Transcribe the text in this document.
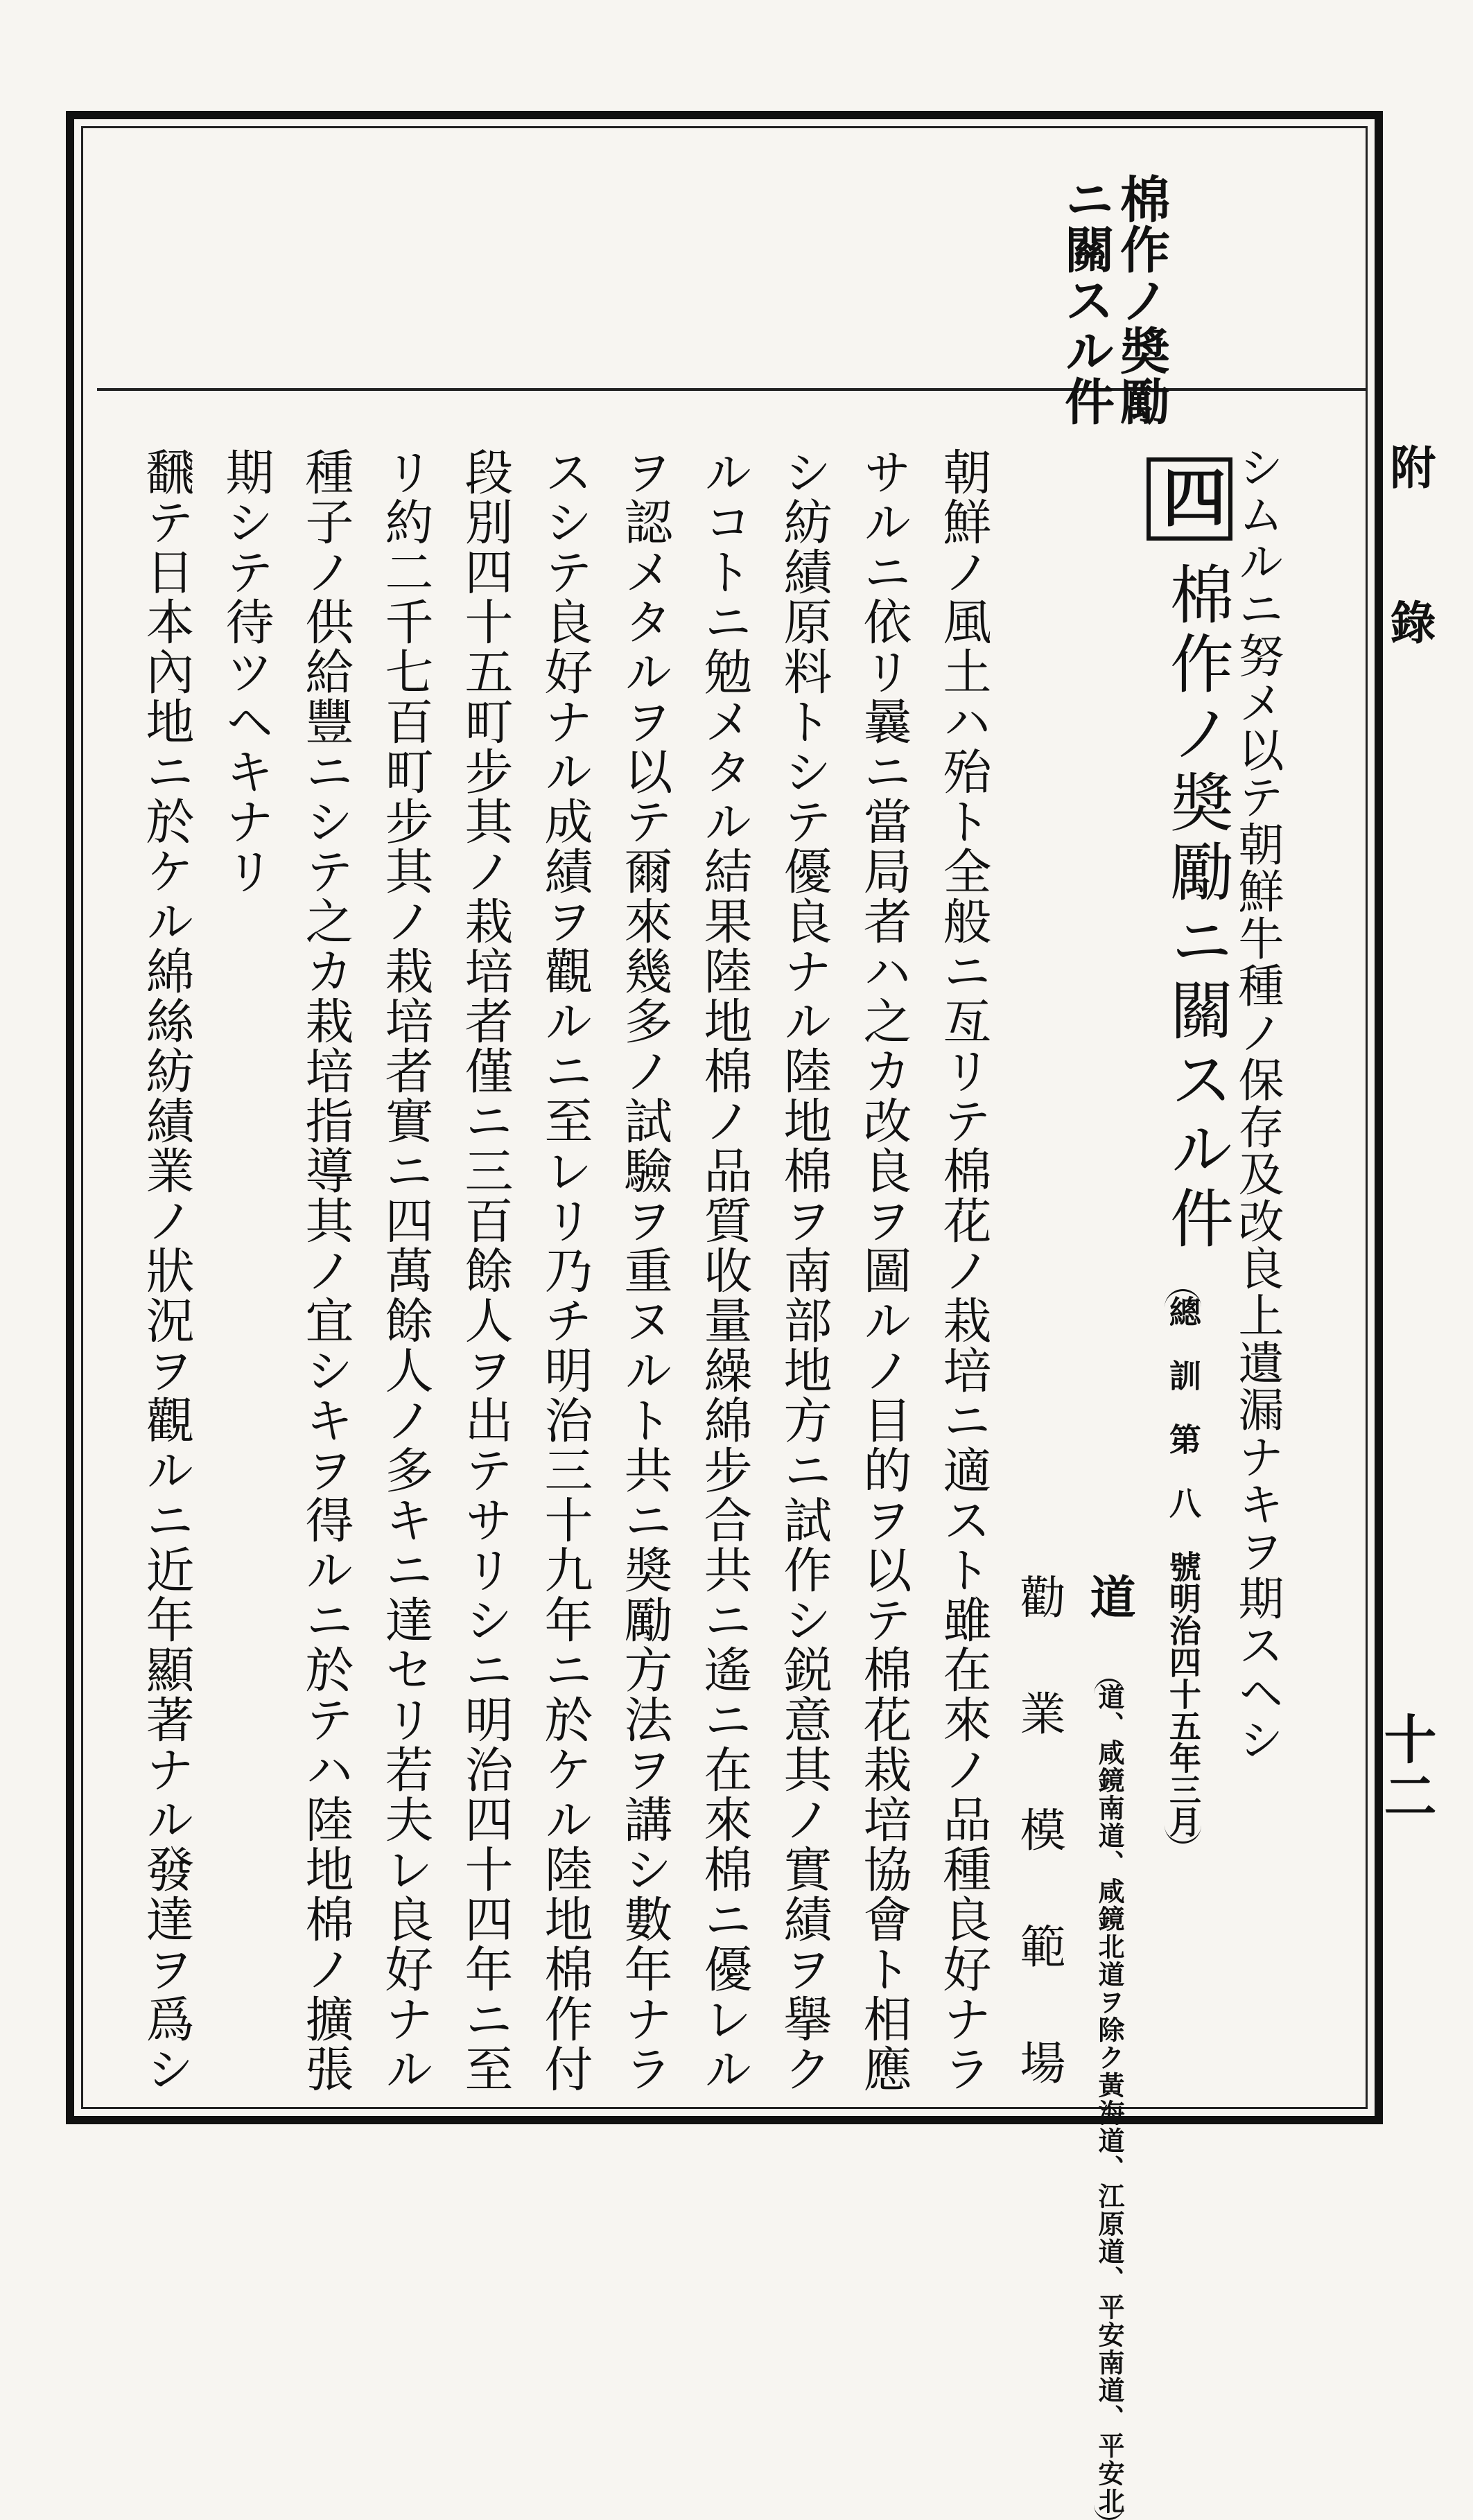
棉作ノ奬勵
ニ關スル件
附 錄
十二
シムルニ努メ以テ朝鮮牛種ノ保存及改良上遺漏ナキヲ期スヘシ
道
黃海道、江原道、平安南道、平安北
道、咸鏡南道、咸鏡北道ヲ除ク
勸　業　模　範　場
四
棉作ノ奬勵ニ關スル件
明治四十五年三月
總　訓　第　八　號
朝鮮ノ風土ハ殆ト全般ニ亙リテ棉花ノ栽培ニ適スト雖在來ノ品種良好ナラ
サルニ依リ曩ニ當局者ハ之カ改良ヲ圖ルノ目的ヲ以テ棉花栽培協會ト相應
シ紡績原料トシテ優良ナル陸地棉ヲ南部地方ニ試作シ鋭意其ノ實績ヲ擧ク
ルコトニ勉メタル結果陸地棉ノ品質收量繰綿步合共ニ遙ニ在來棉ニ優レル
ヲ認メタルヲ以テ爾來幾多ノ試驗ヲ重ヌルト共ニ奬勵方法ヲ講シ數年ナラ
スシテ良好ナル成績ヲ觀ルニ至レリ乃チ明治三十九年ニ於ケル陸地棉作付
段別四十五町步其ノ栽培者僅ニ三百餘人ヲ出テサリシニ明治四十四年ニ至
リ約二千七百町步其ノ栽培者實ニ四萬餘人ノ多キニ達セリ若夫レ良好ナル
種子ノ供給豐ニシテ之カ栽培指導其ノ宜シキヲ得ルニ於テハ陸地棉ノ擴張
期シテ待ツヘキナリ
飜テ日本內地ニ於ケル綿絲紡績業ノ狀況ヲ觀ルニ近年顯著ナル發達ヲ爲シ
